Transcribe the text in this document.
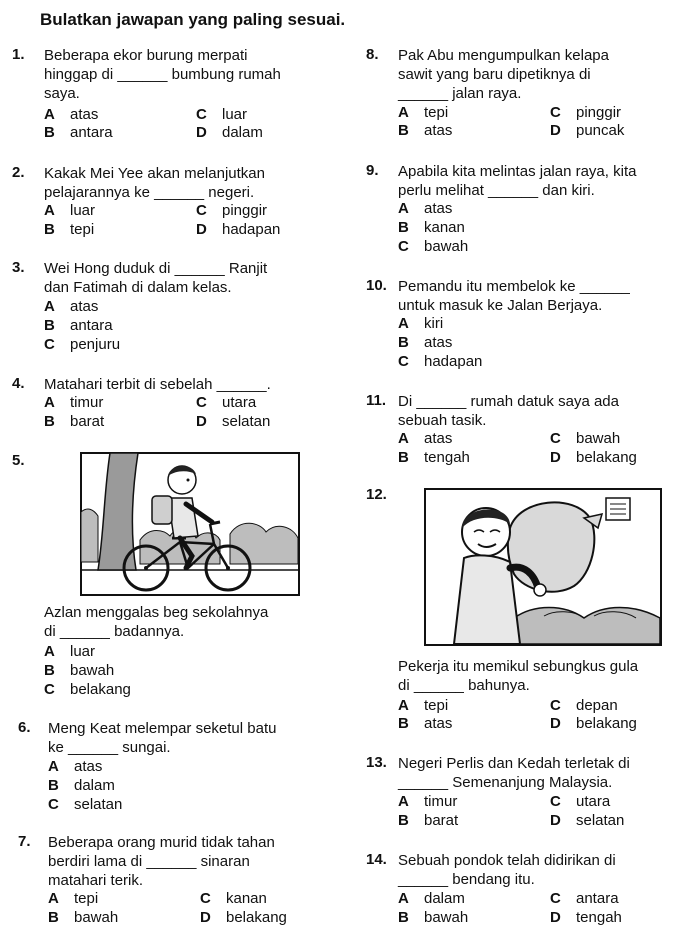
Bulatkan jawapan yang paling sesuai.
1. Beberapa ekor burung merpati
hinggap di ______ bumbung rumah
saya.
A atas	C luar
B antara	D dalam
2. Kakak Mei Yee akan melanjutkan
pelajarannya ke ______ negeri.
A luar	C pinggir
B tepi	D hadapan
3. Wei Hong duduk di ______ Ranjit
dan Fatimah di dalam kelas.
A atas
B antara
C penjuru
4. Matahari terbit di sebelah ______.
A timur	C utara
B barat	D selatan
5.
Azlan menggalas beg sekolahnya
di ______ badannya.
A luar
B bawah
C belakang
6. Meng Keat melempar seketul batu
ke ______ sungai.
A atas
B dalam
C selatan
7. Beberapa orang murid tidak tahan
berdiri lama di ______ sinaran
matahari terik.
A tepi	C kanan
B bawah	D belakang
8. Pak Abu mengumpulkan kelapa
sawit yang baru dipetiknya di
______ jalan raya.
A tepi	C pinggir
B atas	D puncak
9. Apabila kita melintas jalan raya, kita
perlu melihat ______ dan kiri.
A atas
B kanan
C bawah
10. Pemandu itu membelok ke ______
untuk masuk ke Jalan Berjaya.
A kiri
B atas
C hadapan
11. Di ______ rumah datuk saya ada
sebuah tasik.
A atas	C bawah
B tengah	D belakang
12.
Pekerja itu memikul sebungkus gula
di ______ bahunya.
A tepi	C depan
B atas	D belakang
13. Negeri Perlis dan Kedah terletak di
______ Semenanjung Malaysia.
A timur	C utara
B barat	D selatan
14. Sebuah pondok telah didirikan di
______ bendang itu.
A dalam	C antara
B bawah	D tengah
